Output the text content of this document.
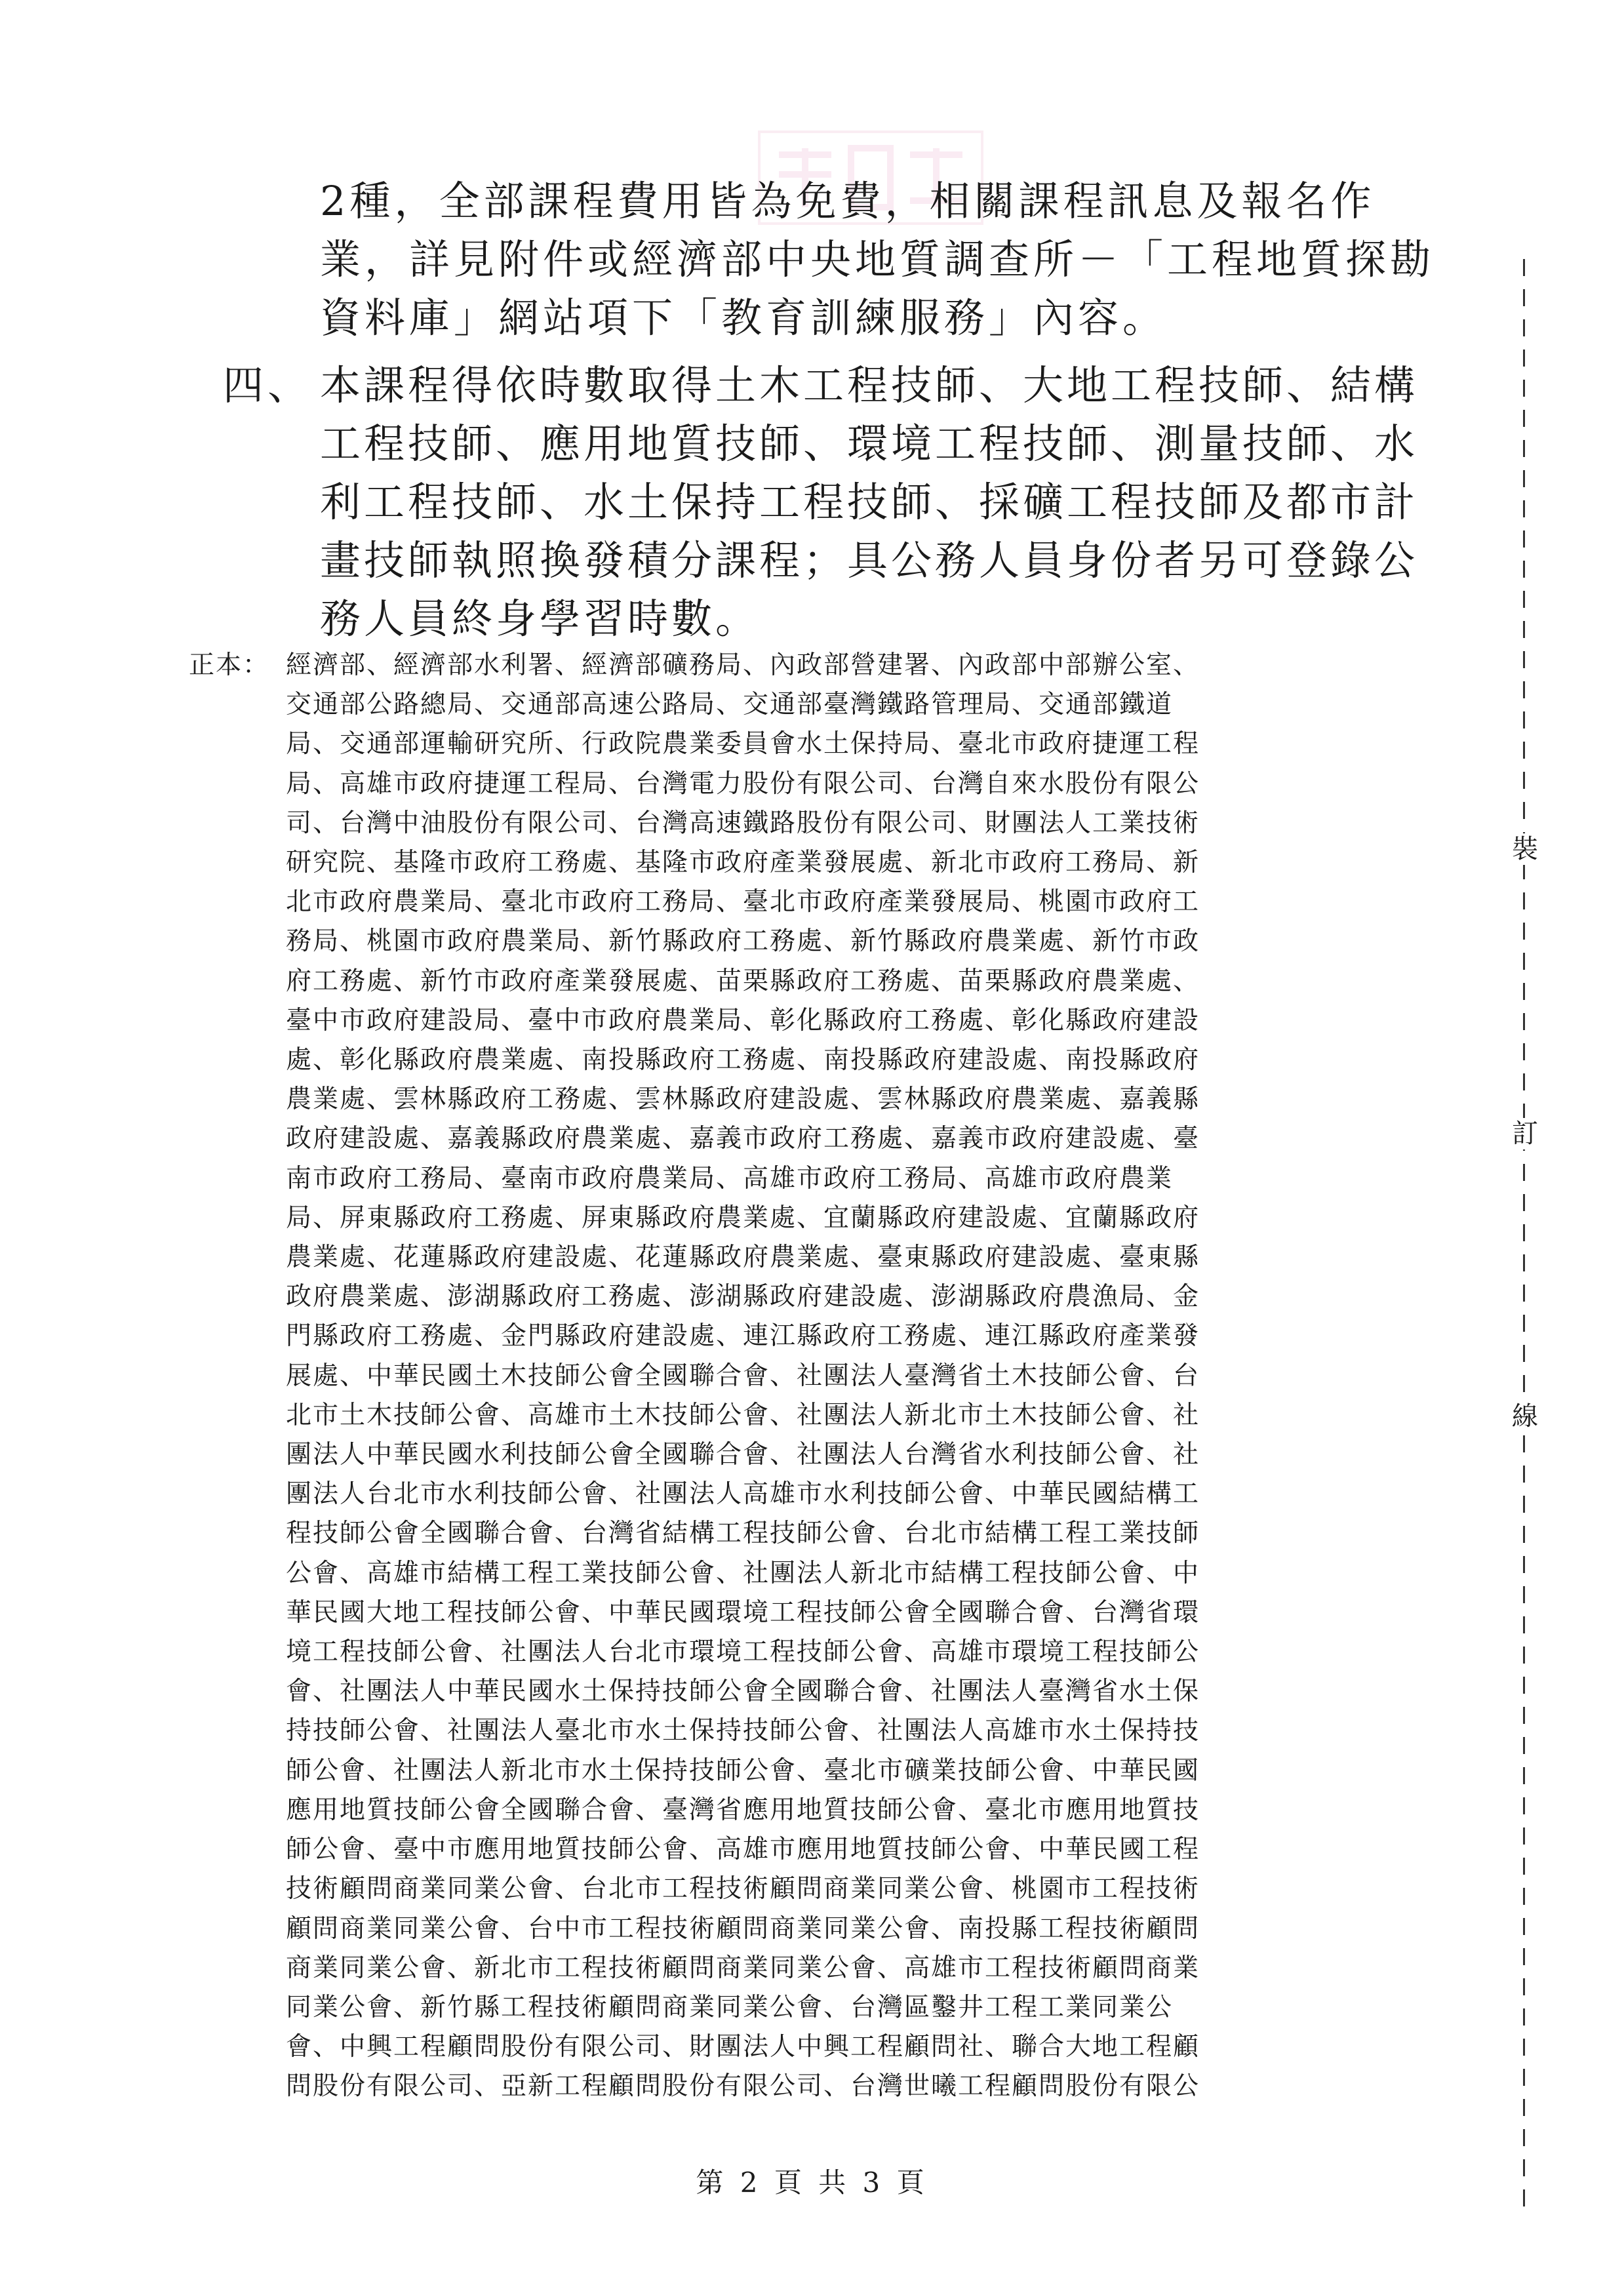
2種，全部課程費用皆為免費，相關課程訊息及報名作
業，詳見附件或經濟部中央地質調查所－「工程地質探勘
資料庫」網站項下「教育訓練服務」內容。
四、 本課程得依時數取得土木工程技師、大地工程技師、結構
工程技師、應用地質技師、環境工程技師、測量技師、水
利工程技師、水土保持工程技師、採礦工程技師及都市計
畫技師執照換發積分課程；具公務人員身份者另可登錄公
務人員終身學習時數。
正本： 經濟部、經濟部水利署、經濟部礦務局、內政部營建署、內政部中部辦公室、
交通部公路總局、交通部高速公路局、交通部臺灣鐵路管理局、交通部鐵道
局、交通部運輸研究所、行政院農業委員會水土保持局、臺北市政府捷運工程
局、高雄市政府捷運工程局、台灣電力股份有限公司、台灣自來水股份有限公
司、台灣中油股份有限公司、台灣高速鐵路股份有限公司、財團法人工業技術
研究院、基隆市政府工務處、基隆市政府產業發展處、新北市政府工務局、新
北市政府農業局、臺北市政府工務局、臺北市政府產業發展局、桃園市政府工
務局、桃園市政府農業局、新竹縣政府工務處、新竹縣政府農業處、新竹市政
府工務處、新竹市政府產業發展處、苗栗縣政府工務處、苗栗縣政府農業處、
臺中市政府建設局、臺中市政府農業局、彰化縣政府工務處、彰化縣政府建設
處、彰化縣政府農業處、南投縣政府工務處、南投縣政府建設處、南投縣政府
農業處、雲林縣政府工務處、雲林縣政府建設處、雲林縣政府農業處、嘉義縣
政府建設處、嘉義縣政府農業處、嘉義市政府工務處、嘉義市政府建設處、臺
南市政府工務局、臺南市政府農業局、高雄市政府工務局、高雄市政府農業
局、屏東縣政府工務處、屏東縣政府農業處、宜蘭縣政府建設處、宜蘭縣政府
農業處、花蓮縣政府建設處、花蓮縣政府農業處、臺東縣政府建設處、臺東縣
政府農業處、澎湖縣政府工務處、澎湖縣政府建設處、澎湖縣政府農漁局、金
門縣政府工務處、金門縣政府建設處、連江縣政府工務處、連江縣政府產業發
展處、中華民國土木技師公會全國聯合會、社團法人臺灣省土木技師公會、台
北市土木技師公會、高雄市土木技師公會、社團法人新北市土木技師公會、社
團法人中華民國水利技師公會全國聯合會、社團法人台灣省水利技師公會、社
團法人台北市水利技師公會、社團法人高雄市水利技師公會、中華民國結構工
程技師公會全國聯合會、台灣省結構工程技師公會、台北市結構工程工業技師
公會、高雄市結構工程工業技師公會、社團法人新北市結構工程技師公會、中
華民國大地工程技師公會、中華民國環境工程技師公會全國聯合會、台灣省環
境工程技師公會、社團法人台北市環境工程技師公會、高雄市環境工程技師公
會、社團法人中華民國水土保持技師公會全國聯合會、社團法人臺灣省水土保
持技師公會、社團法人臺北市水土保持技師公會、社團法人高雄市水土保持技
師公會、社團法人新北市水土保持技師公會、臺北市礦業技師公會、中華民國
應用地質技師公會全國聯合會、臺灣省應用地質技師公會、臺北市應用地質技
師公會、臺中市應用地質技師公會、高雄市應用地質技師公會、中華民國工程
技術顧問商業同業公會、台北市工程技術顧問商業同業公會、桃園市工程技術
顧問商業同業公會、台中市工程技術顧問商業同業公會、南投縣工程技術顧問
商業同業公會、新北市工程技術顧問商業同業公會、高雄市工程技術顧問商業
同業公會、新竹縣工程技術顧問商業同業公會、台灣區鑿井工程工業同業公
會、中興工程顧問股份有限公司、財團法人中興工程顧問社、聯合大地工程顧
問股份有限公司、亞新工程顧問股份有限公司、台灣世曦工程顧問股份有限公
裝
訂
線
第 2 頁 共 3 頁
